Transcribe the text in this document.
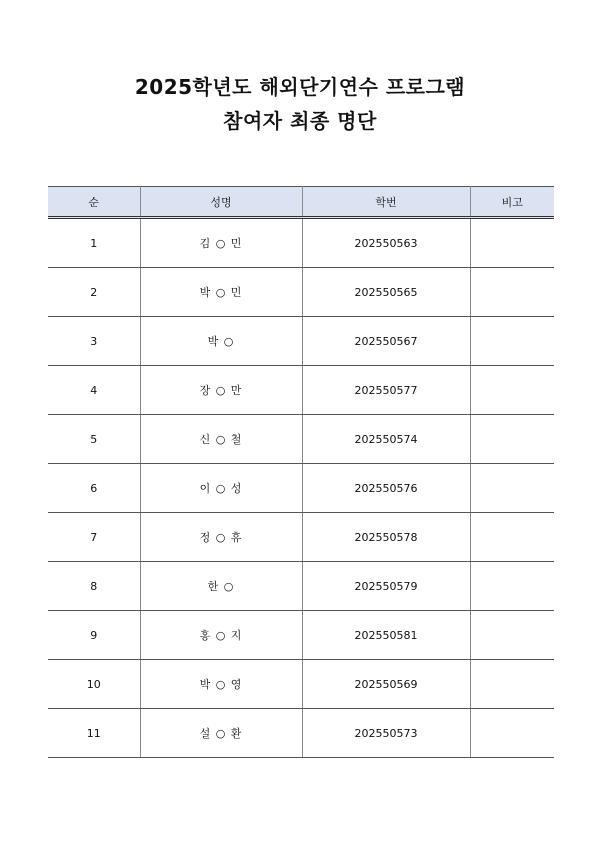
2025학년도 해외단기연수 프로그램
참여자 최종 명단
순	성명	학번	비고
1	김 ○ 민	202550563	
2	박 ○ 민	202550565	
3	박 ○	202550567	
4	장 ○ 만	202550577	
5	신 ○ 철	202550574	
6	이 ○ 성	202550576	
7	정 ○ 휴	202550578	
8	한 ○	202550579	
9	홍 ○ 지	202550581	
10	박 ○ 영	202550569	
11	설 ○ 환	202550573	
